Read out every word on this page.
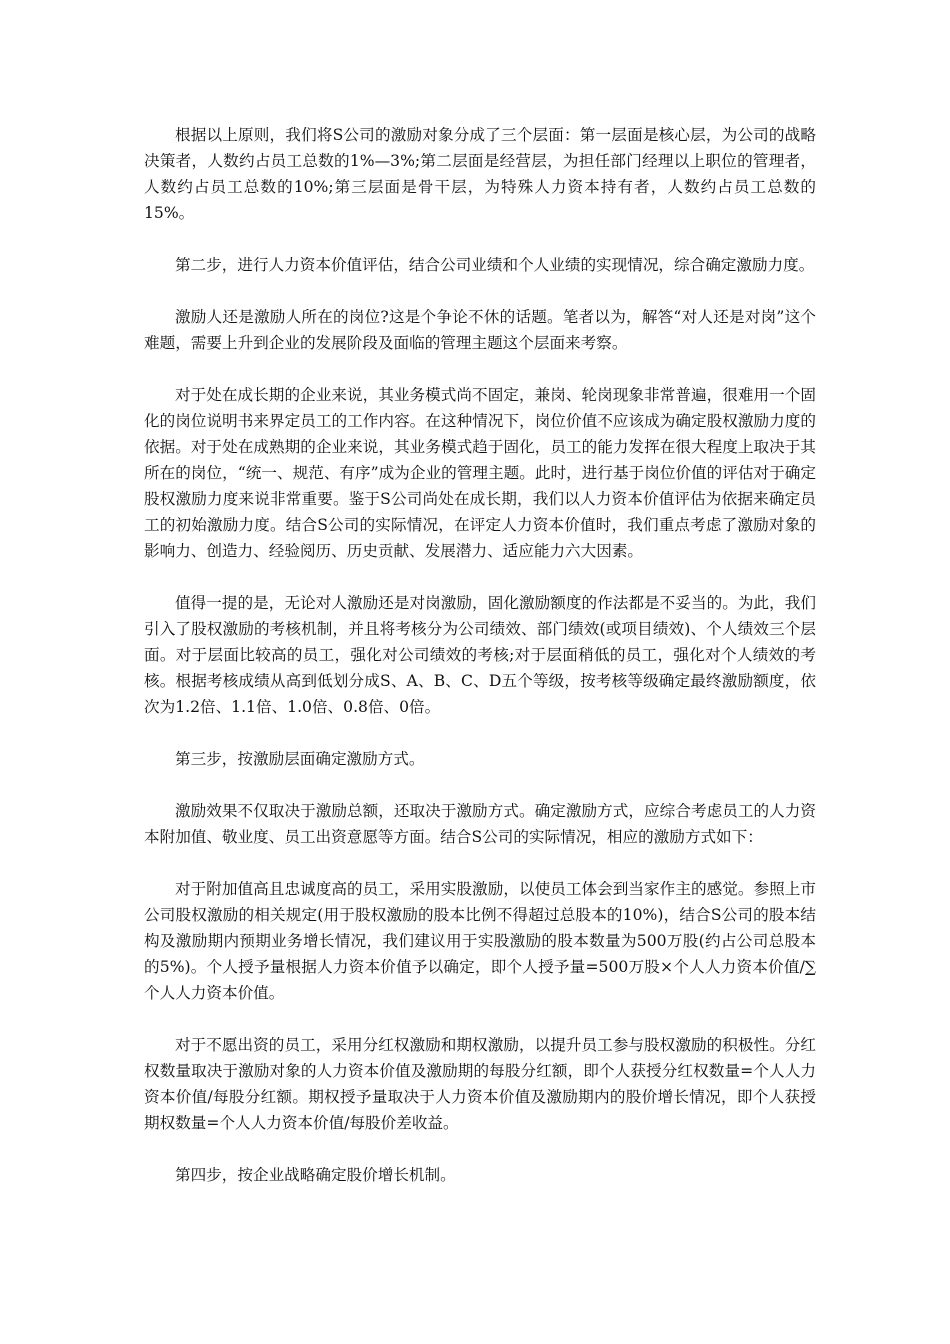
根据以上原则，我们将S公司的激励对象分成了三个层面：第一层面是核心层，为公司的战略决策者，人数约占员工总数的1%—3%;第二层面是经营层，为担任部门经理以上职位的管理者，人数约占员工总数的10%;第三层面是骨干层，为特殊人力资本持有者，人数约占员工总数的15%。

第二步，进行人力资本价值评估，结合公司业绩和个人业绩的实现情况，综合确定激励力度。

激励人还是激励人所在的岗位?这是个争论不休的话题。笔者以为，解答“对人还是对岗”这个难题，需要上升到企业的发展阶段及面临的管理主题这个层面来考察。

对于处在成长期的企业来说，其业务模式尚不固定，兼岗、轮岗现象非常普遍，很难用一个固化的岗位说明书来界定员工的工作内容。在这种情况下，岗位价值不应该成为确定股权激励力度的依据。对于处在成熟期的企业来说，其业务模式趋于固化，员工的能力发挥在很大程度上取决于其所在的岗位，“统一、规范、有序”成为企业的管理主题。此时，进行基于岗位价值的评估对于确定股权激励力度来说非常重要。鉴于S公司尚处在成长期，我们以人力资本价值评估为依据来确定员工的初始激励力度。结合S公司的实际情况，在评定人力资本价值时，我们重点考虑了激励对象的影响力、创造力、经验阅历、历史贡献、发展潜力、适应能力六大因素。

值得一提的是，无论对人激励还是对岗激励，固化激励额度的作法都是不妥当的。为此，我们引入了股权激励的考核机制，并且将考核分为公司绩效、部门绩效(或项目绩效)、个人绩效三个层面。对于层面比较高的员工，强化对公司绩效的考核;对于层面稍低的员工，强化对个人绩效的考核。根据考核成绩从高到低划分成S、A、B、C、D五个等级，按考核等级确定最终激励额度，依次为1.2倍、1.1倍、1.0倍、0.8倍、0倍。

第三步，按激励层面确定激励方式。

激励效果不仅取决于激励总额，还取决于激励方式。确定激励方式，应综合考虑员工的人力资本附加值、敬业度、员工出资意愿等方面。结合S公司的实际情况，相应的激励方式如下：

对于附加值高且忠诚度高的员工，采用实股激励，以使员工体会到当家作主的感觉。参照上市公司股权激励的相关规定(用于股权激励的股本比例不得超过总股本的10%)，结合S公司的股本结构及激励期内预期业务增长情况，我们建议用于实股激励的股本数量为500万股(约占公司总股本的5%)。个人授予量根据人力资本价值予以确定，即个人授予量=500万股×个人人力资本价值/∑个人人力资本价值。

对于不愿出资的员工，采用分红权激励和期权激励，以提升员工参与股权激励的积极性。分红权数量取决于激励对象的人力资本价值及激励期的每股分红额，即个人获授分红权数量=个人人力资本价值/每股分红额。期权授予量取决于人力资本价值及激励期内的股价增长情况，即个人获授期权数量=个人人力资本价值/每股价差收益。

第四步，按企业战略确定股价增长机制。
